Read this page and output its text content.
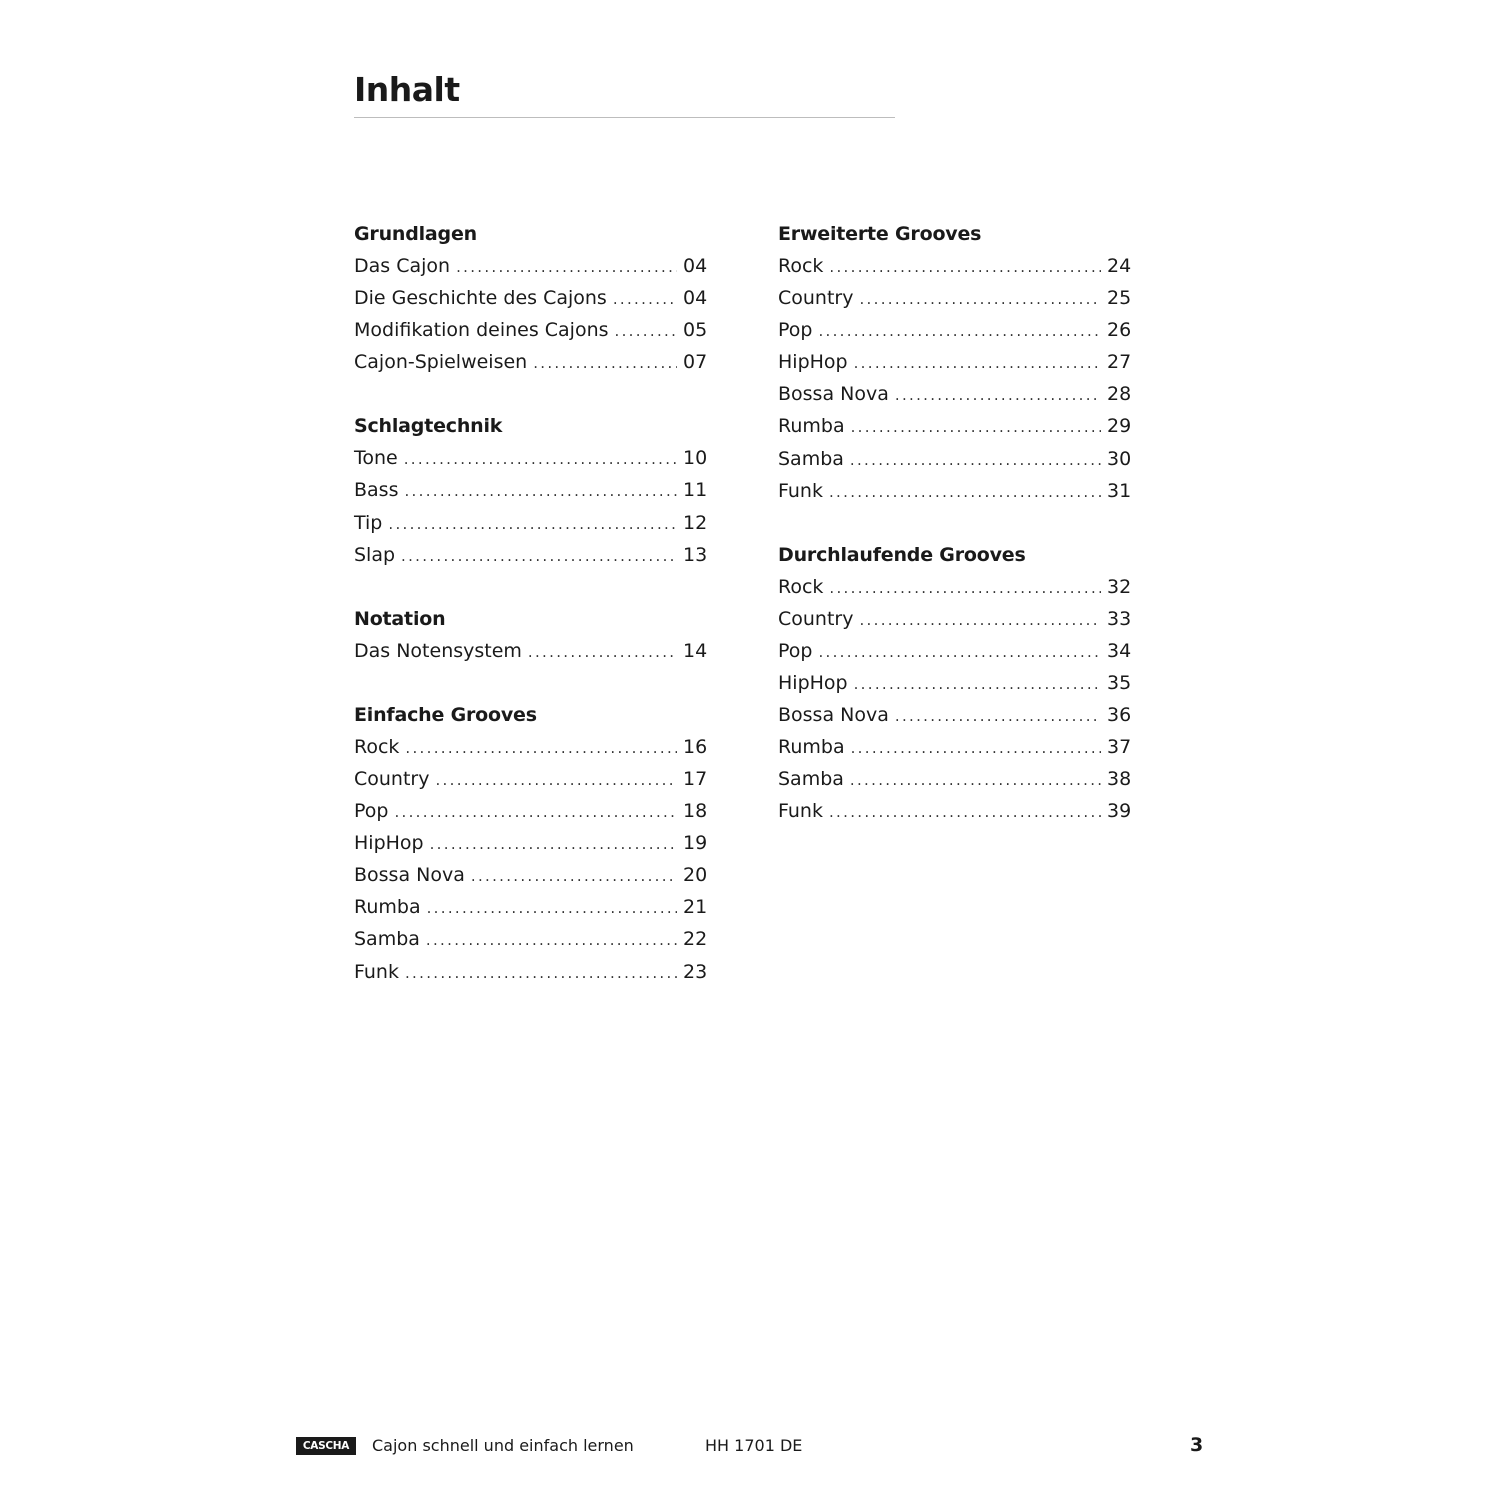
Inhalt
Grundlagen
Das Cajon .....	04
Die Geschichte des Cajons .....	04
Modifikation deines Cajons .....	05
Cajon-Spielweisen .....	07
Schlagtechnik
Tone .....	10
Bass .....	11
Tip .....	12
Slap .....	13
Notation
Das Notensystem .....	14
Einfache Grooves
Rock .....	16
Country .....	17
Pop .....	18
HipHop .....	19
Bossa Nova .....	20
Rumba .....	21
Samba .....	22
Funk .....	23
Erweiterte Grooves
Rock .....	24
Country .....	25
Pop .....	26
HipHop .....	27
Bossa Nova .....	28
Rumba .....	29
Samba .....	30
Funk .....	31
Durchlaufende Grooves
Rock .....	32
Country .....	33
Pop .....	34
HipHop .....	35
Bossa Nova .....	36
Rumba .....	37
Samba .....	38
Funk .....	39
CASCHA	Cajon schnell und einfach lernen	HH 1701 DE	3
